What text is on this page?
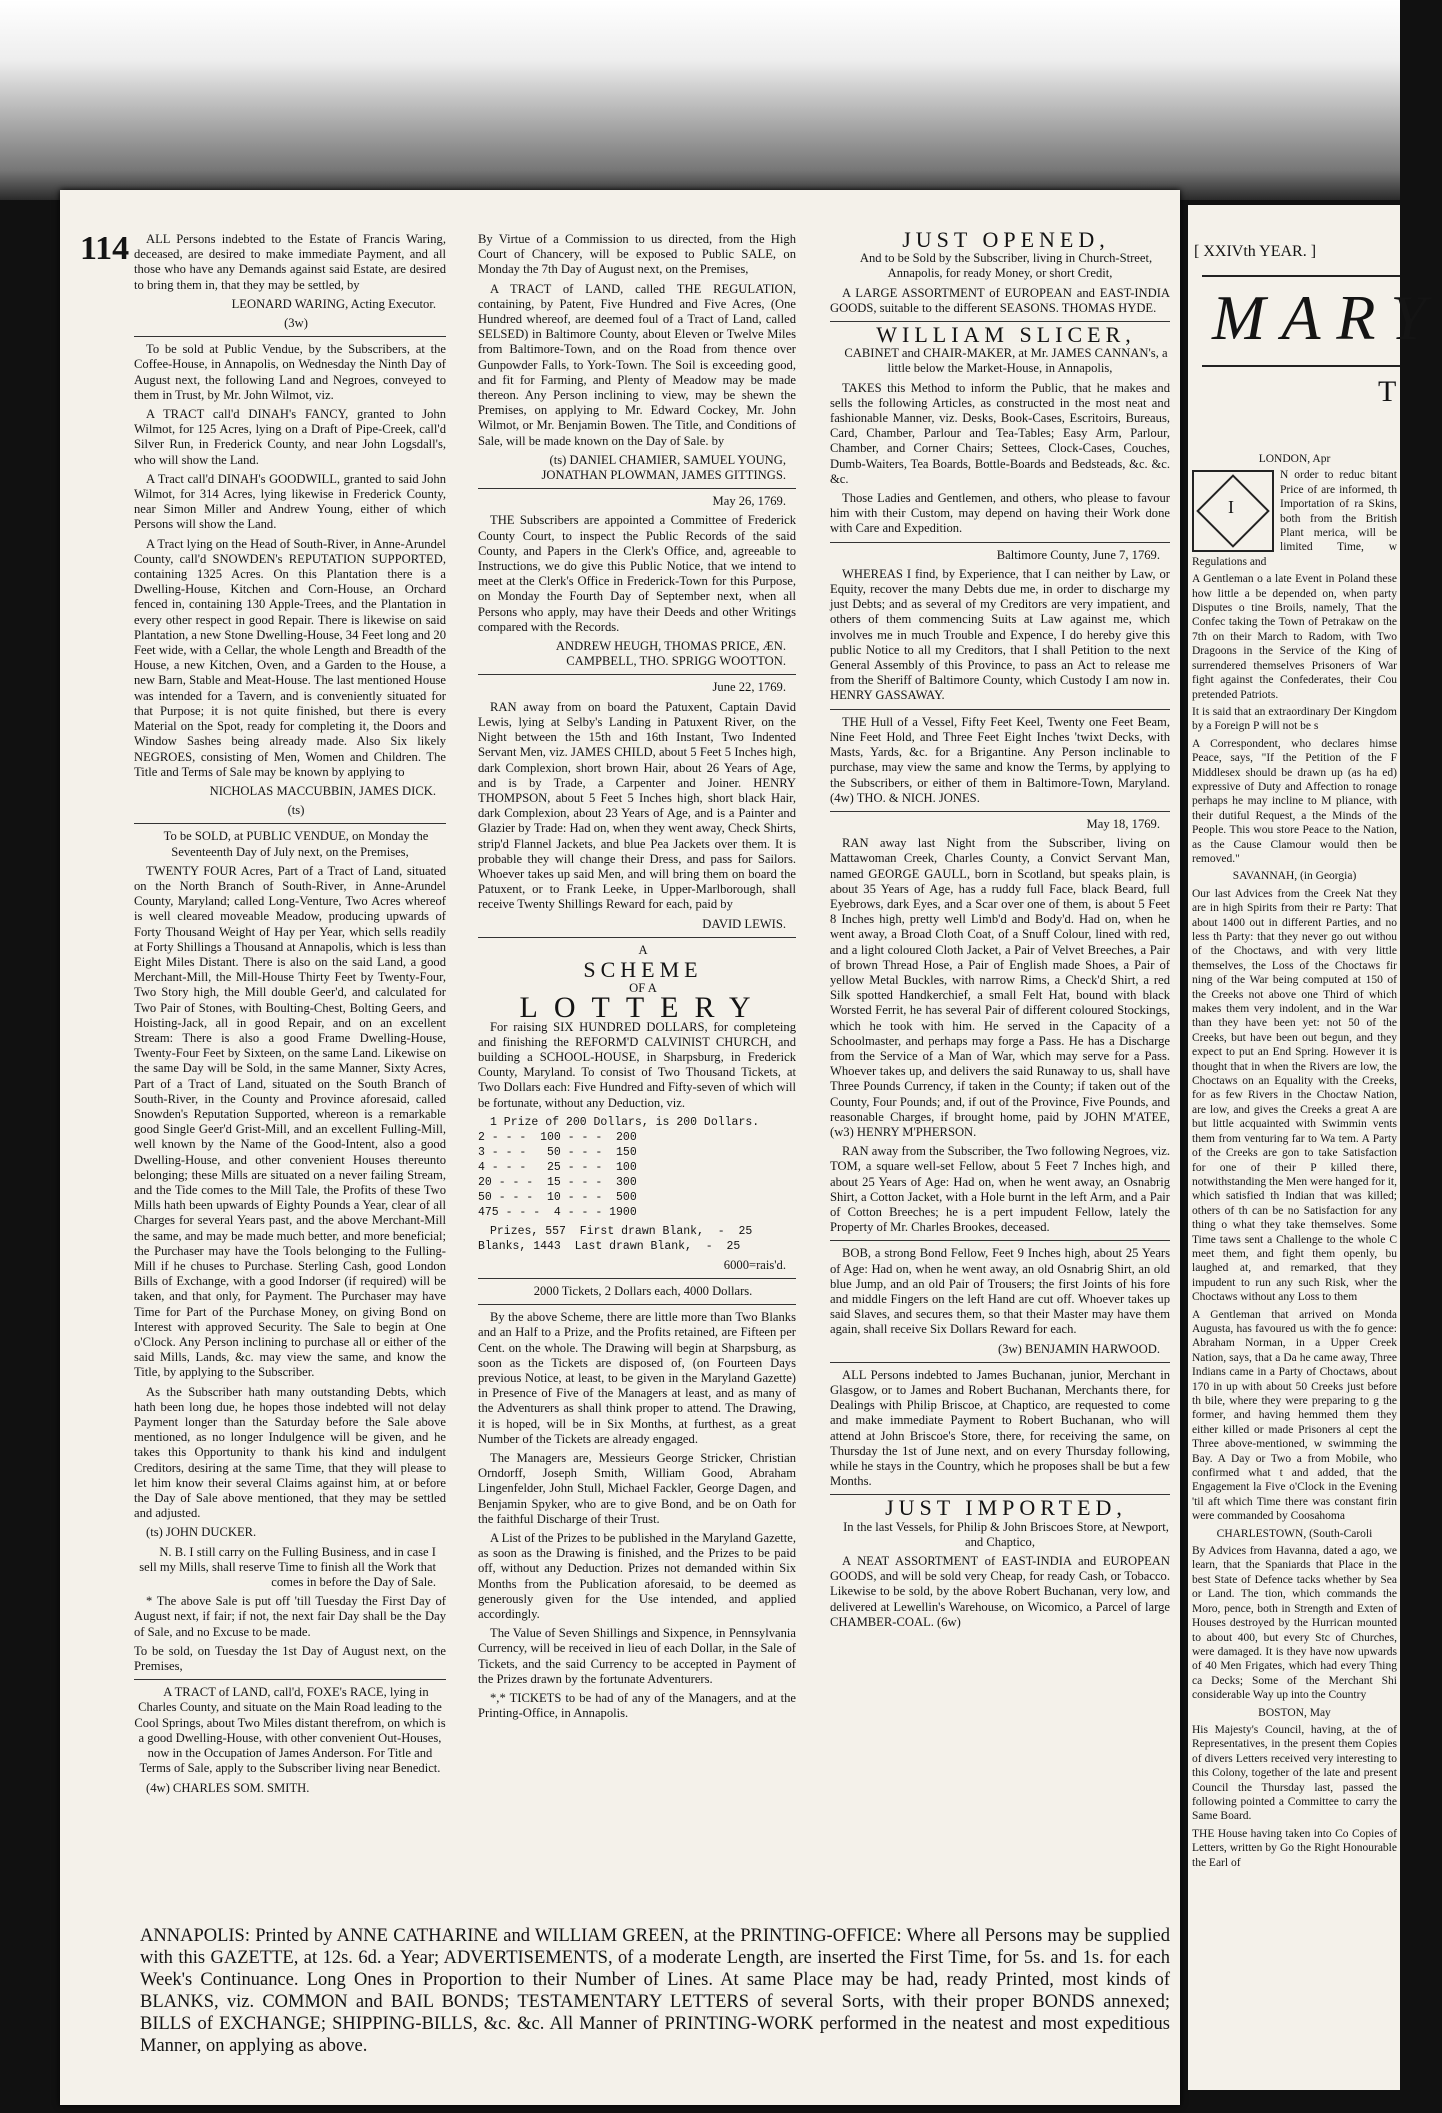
114	ALL Persons indebted to the Estate of Francis Waring, deceased, are desired to make immediate Payment, and all those who have any Demands against said Estate, are desired to bring them in, that they may be settled, by

LEONARD WARING, Acting Executor.

(3w)

To be sold at Public Vendue, by the Subscribers, at the Coffee-House, in Annapolis, on Wednesday the Ninth Day of August next, the following Land and Negroes, conveyed to them in Trust, by Mr. John Wilmot, viz.

A TRACT call'd DINAH's FANCY, granted to John Wilmot, for 125 Acres, lying on a Draft of Pipe-Creek, call'd Silver Run, in Frederick County, and near John Logsdall's, who will show the Land.

A Tract call'd DINAH's GOODWILL, granted to said John Wilmot, for 314 Acres, lying likewise in Frederick County, near Simon Miller and Andrew Young, either of which Persons will show the Land.

A Tract lying on the Head of South-River, in Anne-Arundel County, call'd SNOWDEN's REPUTATION SUPPORTED, containing 1325 Acres. On this Plantation there is a Dwelling-House, Kitchen and Corn-House, an Orchard fenced in, containing 130 Apple-Trees, and the Plantation in every other respect in good Repair. There is likewise on said Plantation, a new Stone Dwelling-House, 34 Feet long and 20 Feet wide, with a Cellar, the whole Length and Breadth of the House, a new Kitchen, Oven, and a Garden to the House, a new Barn, Stable and Meat-House. The last mentioned House was intended for a Tavern, and is conveniently situated for that Purpose; it is not quite finished, but there is every Material on the Spot, ready for completing it, the Doors and Window Sashes being already made. Also Six likely NEGROES, consisting of Men, Women and Children. The Title and Terms of Sale may be known by applying to

NICHOLAS MACCUBBIN, JAMES DICK.

(ts)

To be SOLD, at PUBLIC VENDUE, on Monday the Seventeenth Day of July next, on the Premises,

TWENTY FOUR Acres, Part of a Tract of Land, situated on the North Branch of South-River, in Anne-Arundel County, Maryland; called Long-Venture, Two Acres whereof is well cleared moveable Meadow, producing upwards of Forty Thousand Weight of Hay per Year, which sells readily at Forty Shillings a Thousand at Annapolis, which is less than Eight Miles Distant. There is also on the said Land, a good Merchant-Mill, the Mill-House Thirty Feet by Twenty-Four, Two Story high, the Mill double Geer'd, and calculated for Two Pair of Stones, with Boulting-Chest, Bolting Geers, and Hoisting-Jack, all in good Repair, and on an excellent Stream: There is also a good Frame Dwelling-House, Twenty-Four Feet by Sixteen, on the same Land. Likewise on the same Day will be Sold, in the same Manner, Sixty Acres, Part of a Tract of Land, situated on the South Branch of South-River, in the County and Province aforesaid, called Snowden's Reputation Supported, whereon is a remarkable good Single Geer'd Grist-Mill, and an excellent Fulling-Mill, well known by the Name of the Good-Intent, also a good Dwelling-House, and other convenient Houses thereunto belonging; these Mills are situated on a never failing Stream, and the Tide comes to the Mill Tale, the Profits of these Two Mills hath been upwards of Eighty Pounds a Year, clear of all Charges for several Years past, and the above Merchant-Mill the same, and may be made much better, and more beneficial; the Purchaser may have the Tools belonging to the Fulling-Mill if he chuses to Purchase. Sterling Cash, good London Bills of Exchange, with a good Indorser (if required) will be taken, and that only, for Payment. The Purchaser may have Time for Part of the Purchase Money, on giving Bond on Interest with approved Security. The Sale to begin at One o'Clock. Any Person inclining to purchase all or either of the said Mills, Lands, &c. may view the same, and know the Title, by applying to the Subscriber.

As the Subscriber hath many outstanding Debts, which hath been long due, he hopes those indebted will not delay Payment longer than the Saturday before the Sale above mentioned, as no longer Indulgence will be given, and he takes this Opportunity to thank his kind and indulgent Creditors, desiring at the same Time, that they will please to let him know their several Claims against him, at or before the Day of Sale above mentioned, that they may be settled and adjusted.

(ts) JOHN DUCKER.

N. B. I still carry on the Fulling Business, and in case I sell my Mills, shall reserve Time to finish all the Work that comes in before the Day of Sale.

* The above Sale is put off 'till Tuesday the First Day of August next, if fair; if not, the next fair Day shall be the Day of Sale, and no Excuse to be made.

To be sold, on Tuesday the 1st Day of August next, on the Premises,

A TRACT of LAND, call'd, FOXE's RACE, lying in Charles County, and situate on the Main Road leading to the Cool Springs, about Two Miles distant therefrom, on which is a good Dwelling-House, with other convenient Out-Houses, now in the Occupation of James Anderson. For Title and Terms of Sale, apply to the Subscriber living near Benedict.

(4w) CHARLES SOM. SMITH.

By Virtue of a Commission to us directed, from the High Court of Chancery, will be exposed to Public SALE, on Monday the 7th Day of August next, on the Premises,

A TRACT of LAND, called THE REGULATION, containing, by Patent, Five Hundred and Five Acres, (One Hundred whereof, are deemed foul of a Tract of Land, called SELSED) in Baltimore County, about Eleven or Twelve Miles from Baltimore-Town, and on the Road from thence over Gunpowder Falls, to York-Town. The Soil is exceeding good, and fit for Farming, and Plenty of Meadow may be made thereon. Any Person inclining to view, may be shewn the Premises, on applying to Mr. Edward Cockey, Mr. John Wilmot, or Mr. Benjamin Bowen. The Title, and Conditions of Sale, will be made known on the Day of Sale. by

(ts) DANIEL CHAMIER, SAMUEL YOUNG, JONATHAN PLOWMAN, JAMES GITTINGS.

May 26, 1769.

THE Subscribers are appointed a Committee of Frederick County Court, to inspect the Public Records of the said County, and Papers in the Clerk's Office, and, agreeable to Instructions, we do give this Public Notice, that we intend to meet at the Clerk's Office in Frederick-Town for this Purpose, on Monday the Fourth Day of September next, when all Persons who apply, may have their Deeds and other Writings compared with the Records.

ANDREW HEUGH, THOMAS PRICE, ÆN. CAMPBELL, THO. SPRIGG WOOTTON.

June 22, 1769.

RAN away from on board the Patuxent, Captain David Lewis, lying at Selby's Landing in Patuxent River, on the Night between the 15th and 16th Instant, Two Indented Servant Men, viz. JAMES CHILD, about 5 Feet 5 Inches high, dark Complexion, short brown Hair, about 26 Years of Age, and is by Trade, a Carpenter and Joiner. HENRY THOMPSON, about 5 Feet 5 Inches high, short black Hair, dark Complexion, about 23 Years of Age, and is a Painter and Glazier by Trade: Had on, when they went away, Check Shirts, strip'd Flannel Jackets, and blue Pea Jackets over them. It is probable they will change their Dress, and pass for Sailors. Whoever takes up said Men, and will bring them on board the Patuxent, or to Frank Leeke, in Upper-Marlborough, shall receive Twenty Shillings Reward for each, paid by

DAVID LEWIS.

A

SCHEME

OF A

LOTTERY

For raising SIX HUNDRED DOLLARS, for completeing and finishing the REFORM'D CALVINIST CHURCH, and building a SCHOOL-HOUSE, in Sharpsburg, in Frederick County, Maryland. To consist of Two Thousand Tickets, at Two Dollars each: Five Hundred and Fifty-seven of which will be fortunate, without any Deduction, viz.

1 Prize of 200 Dollars, is 200 Dollars.
2 - - -  100 - - -  200
3 - - -   50 - - -  150
4 - - -   25 - - -  100
20 - - -  15 - - -  300
50 - - -  10 - - -  500
475 - - -  4 - - - 1900

Prizes, 557  First drawn Blank,  -  25
Blanks, 1443  Last drawn Blank,  -  25

6000=rais'd.

2000 Tickets, 2 Dollars each, 4000 Dollars.

By the above Scheme, there are little more than Two Blanks and an Half to a Prize, and the Profits retained, are Fifteen per Cent. on the whole. The Drawing will begin at Sharpsburg, as soon as the Tickets are disposed of, (on Fourteen Days previous Notice, at least, to be given in the Maryland Gazette) in Presence of Five of the Managers at least, and as many of the Adventurers as shall think proper to attend. The Drawing, it is hoped, will be in Six Months, at furthest, as a great Number of the Tickets are already engaged.

The Managers are, Messieurs George Stricker, Christian Orndorff, Joseph Smith, William Good, Abraham Lingenfelder, John Stull, Michael Fackler, George Dagen, and Benjamin Spyker, who are to give Bond, and be on Oath for the faithful Discharge of their Trust.

A List of the Prizes to be published in the Maryland Gazette, as soon as the Drawing is finished, and the Prizes to be paid off, without any Deduction. Prizes not demanded within Six Months from the Publication aforesaid, to be deemed as generously given for the Use intended, and applied accordingly.

The Value of Seven Shillings and Sixpence, in Pennsylvania Currency, will be received in lieu of each Dollar, in the Sale of Tickets, and the said Currency to be accepted in Payment of the Prizes drawn by the fortunate Adventurers.

*,* TICKETS to be had of any of the Managers, and at the Printing-Office, in Annapolis.

JUST OPENED,

And to be Sold by the Subscriber, living in Church-Street, Annapolis, for ready Money, or short Credit,

A LARGE ASSORTMENT of EUROPEAN and EAST-INDIA GOODS, suitable to the different SEASONS. THOMAS HYDE.

WILLIAM SLICER,

CABINET and CHAIR-MAKER, at Mr. JAMES CANNAN's, a little below the Market-House, in Annapolis,

TAKES this Method to inform the Public, that he makes and sells the following Articles, as constructed in the most neat and fashionable Manner, viz. Desks, Book-Cases, Escritoirs, Bureaus, Card, Chamber, Parlour and Tea-Tables; Easy Arm, Parlour, Chamber, and Corner Chairs; Settees, Clock-Cases, Couches, Dumb-Waiters, Tea Boards, Bottle-Boards and Bedsteads, &c. &c. &c.

Those Ladies and Gentlemen, and others, who please to favour him with their Custom, may depend on having their Work done with Care and Expedition.

Baltimore County, June 7, 1769.

WHEREAS I find, by Experience, that I can neither by Law, or Equity, recover the many Debts due me, in order to discharge my just Debts; and as several of my Creditors are very impatient, and others of them commencing Suits at Law against me, which involves me in much Trouble and Expence, I do hereby give this public Notice to all my Creditors, that I shall Petition to the next General Assembly of this Province, to pass an Act to release me from the Sheriff of Baltimore County, which Custody I am now in. HENRY GASSAWAY.

THE Hull of a Vessel, Fifty Feet Keel, Twenty one Feet Beam, Nine Feet Hold, and Three Feet Eight Inches 'twixt Decks, with Masts, Yards, &c. for a Brigantine. Any Person inclinable to purchase, may view the same and know the Terms, by applying to the Subscribers, or either of them in Baltimore-Town, Maryland. (4w) THO. & NICH. JONES.

May 18, 1769.

RAN away last Night from the Subscriber, living on Mattawoman Creek, Charles County, a Convict Servant Man, named GEORGE GAULL, born in Scotland, but speaks plain, is about 35 Years of Age, has a ruddy full Face, black Beard, full Eyebrows, dark Eyes, and a Scar over one of them, is about 5 Feet 8 Inches high, pretty well Limb'd and Body'd. Had on, when he went away, a Broad Cloth Coat, of a Snuff Colour, lined with red, and a light coloured Cloth Jacket, a Pair of Velvet Breeches, a Pair of brown Thread Hose, a Pair of English made Shoes, a Pair of yellow Metal Buckles, with narrow Rims, a Check'd Shirt, a red Silk spotted Handkerchief, a small Felt Hat, bound with black Worsted Ferrit, he has several Pair of different coloured Stockings, which he took with him. He served in the Capacity of a Schoolmaster, and perhaps may forge a Pass. He has a Discharge from the Service of a Man of War, which may serve for a Pass. Whoever takes up, and delivers the said Runaway to us, shall have Three Pounds Currency, if taken in the County; if taken out of the County, Four Pounds; and, if out of the Province, Five Pounds, and reasonable Charges, if brought home, paid by JOHN M'ATEE, (w3) HENRY M'PHERSON.

RAN away from the Subscriber, the Two following Negroes, viz. TOM, a square well-set Fellow, about 5 Feet 7 Inches high, and about 25 Years of Age: Had on, when he went away, an Osnabrig Shirt, a Cotton Jacket, with a Hole burnt in the left Arm, and a Pair of Cotton Breeches; he is a pert impudent Fellow, lately the Property of Mr. Charles Brookes, deceased.

BOB, a strong Bond Fellow, Feet 9 Inches high, about 25 Years of Age: Had on, when he went away, an old Osnabrig Shirt, an old blue Jump, and an old Pair of Trousers; the first Joints of his fore and middle Fingers on the left Hand are cut off. Whoever takes up said Slaves, and secures them, so that their Master may have them again, shall receive Six Dollars Reward for each.

(3w) BENJAMIN HARWOOD.

ALL Persons indebted to James Buchanan, junior, Merchant in Glasgow, or to James and Robert Buchanan, Merchants there, for Dealings with Philip Briscoe, at Chaptico, are requested to come and make immediate Payment to Robert Buchanan, who will attend at John Briscoe's Store, there, for receiving the same, on Thursday the 1st of June next, and on every Thursday following, while he stays in the Country, which he proposes shall be but a few Months.

JUST IMPORTED,

In the last Vessels, for Philip & John Briscoes Store, at Newport, and Chaptico,

A NEAT ASSORTMENT of EAST-INDIA and EUROPEAN GOODS, and will be sold very Cheap, for ready Cash, or Tobacco. Likewise to be sold, by the above Robert Buchanan, very low, and delivered at Lewellin's Warehouse, on Wicomico, a Parcel of large CHAMBER-COAL. (6w)

ANNAPOLIS: Printed by ANNE CATHARINE and WILLIAM GREEN, at the PRINTING-OFFICE: Where all Persons may be supplied with this GAZETTE, at 12s. 6d. a Year; ADVERTISEMENTS, of a moderate Length, are inserted the First Time, for 5s. and 1s. for each Week's Continuance. Long Ones in Proportion to their Number of Lines. At same Place may be had, ready Printed, most kinds of BLANKS, viz. COMMON and BAIL BONDS; TESTAMENTARY LETTERS of several Sorts, with their proper BONDS annexed; BILLS of EXCHANGE; SHIPPING-BILLS, &c. &c. All Manner of PRINTING-WORK performed in the neatest and most expeditious Manner, on applying as above.
[ XXIVth YEAR. ]
MARY
T
LONDON, Apr
I

N order to reduc bitant Price of are informed, th Importation of ra Skins, both from the British Plant merica, will be limited Time, w Regulations and

A Gentleman o a late Event in Poland these how little a be depended on, when party Disputes o tine Broils, namely, That the Confec taking the Town of Petrakaw on the 7th on their March to Radom, with Two Dragoons in the Service of the King of surrendered themselves Prisoners of War fight against the Confederates, their Cou pretended Patriots.

It is said that an extraordinary Der Kingdom by a Foreign P will not be s

A Correspondent, who declares himse Peace, says, "If the Petition of the F Middlesex should be drawn up (as ha ed) expressive of Duty and Affection to ronage perhaps he may incline to M pliance, with their dutiful Request, a the Minds of the People. This wou store Peace to the Nation, as the Cause Clamour would then be removed."

SAVANNAH, (in Georgia)

Our last Advices from the Creek Nat they are in high Spirits from their re Party: That about 1400 out in different Parties, and no less th Party: that they never go out withou of the Choctaws, and with very little themselves, the Loss of the Choctaws fir ning of the War being computed at 150 of the Creeks not above one Third of which makes them very indolent, and in the War than they have been yet: not 50 of the Creeks, but have been out begun, and they expect to put an End Spring. However it is thought that in when the Rivers are low, the Choctaws on an Equality with the Creeks, for as few Rivers in the Choctaw Nation, are low, and gives the Creeks a great A are but little acquainted with Swimmin vents them from venturing far to Wa tem. A Party of the Creeks are gon to take Satisfaction for one of their P killed there, notwithstanding the Men were hanged for it, which satisfied th Indian that was killed; others of th can be no Satisfaction for any thing o what they take themselves. Some Time taws sent a Challenge to the whole C meet them, and fight them openly, bu laughed at, and remarked, that they impudent to run any such Risk, wher the Choctaws without any Loss to them

A Gentleman that arrived on Monda Augusta, has favoured us with the fo gence: Abraham Norman, in a Upper Creek Nation, says, that a Da he came away, Three Indians came in a Party of Choctaws, about 170 in up with about 50 Creeks just before th bile, where they were preparing to g the former, and having hemmed them they either killed or made Prisoners al cept the Three above-mentioned, w swimming the Bay. A Day or Two a from Mobile, who confirmed what t and added, that the Engagement la Five o'Clock in the Evening 'til aft which Time there was constant firin were commanded by Coosahoma

CHARLESTOWN, (South-Caroli

By Advices from Havanna, dated a ago, we learn, that the Spaniards that Place in the best State of Defence tacks whether by Sea or Land. The tion, which commands the Moro, pence, both in Strength and Exten of Houses destroyed by the Hurrican mounted to about 400, but every Stc of Churches, were damaged. It is they have now upwards of 40 Men Frigates, which had every Thing ca Decks; Some of the Merchant Shi considerable Way up into the Country

BOSTON, May

His Majesty's Council, having, at the of Representatives, in the present them Copies of divers Letters received very interesting to this Colony, together of the late and present Council the Thursday last, passed the following pointed a Committee to carry the Same Board.

THE House having taken into Co Copies of Letters, written by Go the Right Honourable the Earl of
